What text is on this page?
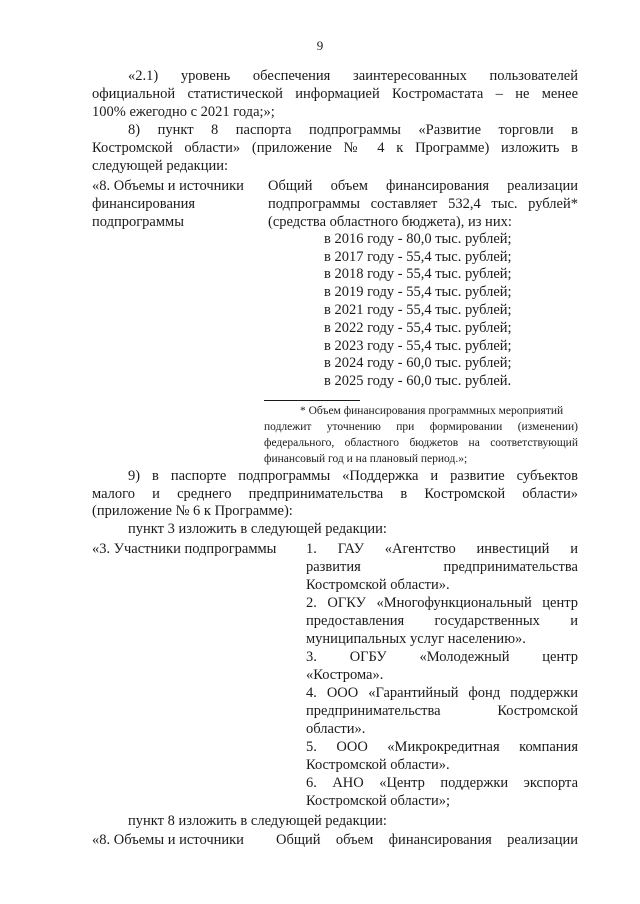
9
«2.1) уровень обеспечения заинтересованных пользователей
официальной статистической информацией Костромастата – не менее
100% ежегодно с 2021 года;»;
8) пункт 8 паспорта подпрограммы «Развитие торговли в
Костромской области» (приложение № 4 к Программе) изложить в
следующей редакции:
«8. Объемы и источники
финансирования
подпрограммы
Общий объем финансирования реализации
подпрограммы составляет 532,4 тыс. рублей*
(средства областного бюджета), из них:
в 2016 году - 80,0 тыс. рублей;
в 2017 году - 55,4 тыс. рублей;
в 2018 году - 55,4 тыс. рублей;
в 2019 году - 55,4 тыс. рублей;
в 2021 году - 55,4 тыс. рублей;
в 2022 году - 55,4 тыс. рублей;
в 2023 году - 55,4 тыс. рублей;
в 2024 году - 60,0 тыс. рублей;
в 2025 году - 60,0 тыс. рублей.
* Объем финансирования программных мероприятий
подлежит уточнению при формировании (изменении)
федерального, областного бюджетов на соответствующий
финансовый год и на плановый период.»;
9) в паспорте подпрограммы «Поддержка и развитие субъектов
малого и среднего предпринимательства в Костромской области»
(приложение № 6 к Программе):
пункт 3 изложить в следующей редакции:
«3. Участники подпрограммы 1. ГАУ «Агентство инвестиций и
развития предпринимательства
Костромской области».
2. ОГКУ «Многофункциональный центр
предоставления государственных и
муниципальных услуг населению».
3. ОГБУ «Молодежный центр
«Кострома».
4. ООО «Гарантийный фонд поддержки
предпринимательства Костромской
области».
5. ООО «Микрокредитная компания
Костромской области».
6. АНО «Центр поддержки экспорта
Костромской области»;
пункт 8 изложить в следующей редакции:
«8. Объемы и источники Общий объем финансирования реализации
